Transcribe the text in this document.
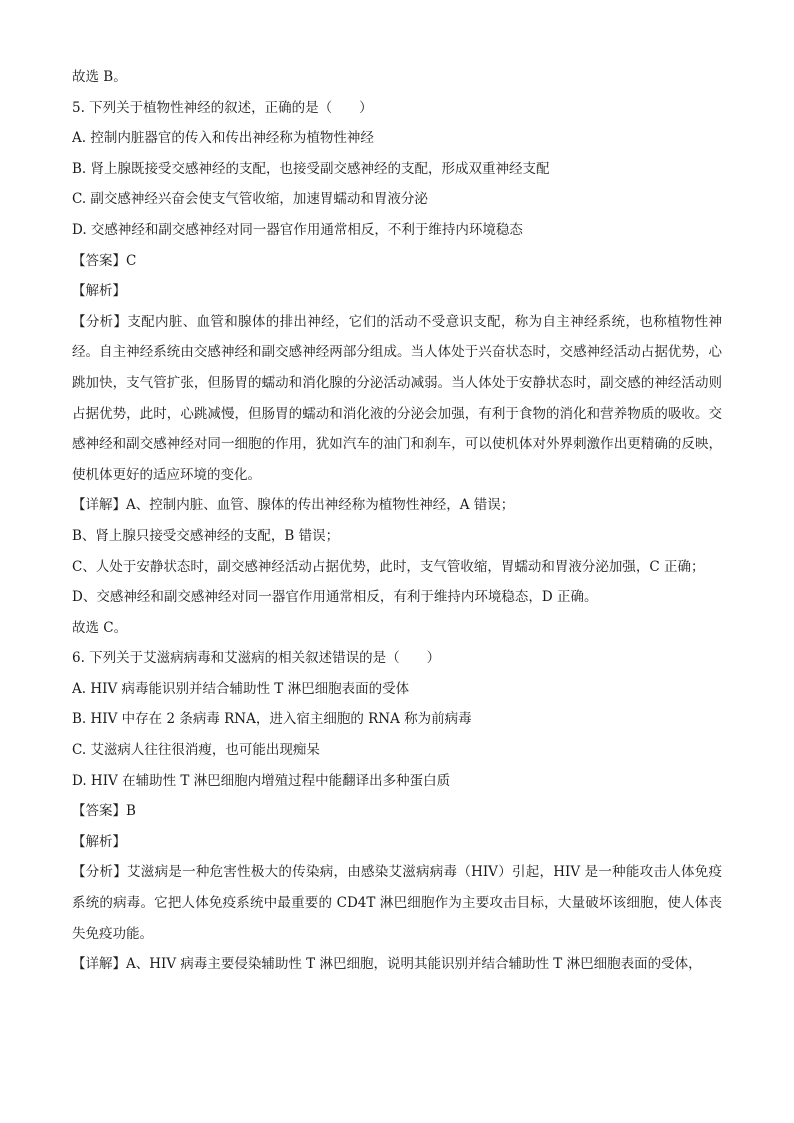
故选 B。
5. 下列关于植物性神经的叙述，正确的是（　　）
A. 控制内脏器官的传入和传出神经称为植物性神经
B. 肾上腺既接受交感神经的支配，也接受副交感神经的支配，形成双重神经支配
C. 副交感神经兴奋会使支气管收缩，加速胃蠕动和胃液分泌
D. 交感神经和副交感神经对同一器官作用通常相反，不利于维持内环境稳态
【答案】C
【解析】
【分析】支配内脏、血管和腺体的排出神经，它们的活动不受意识支配，称为自主神经系统，也称植物性神经。自主神经系统由交感神经和副交感神经两部分组成。当人体处于兴奋状态时，交感神经活动占据优势，心跳加快，支气管扩张，但肠胃的蠕动和消化腺的分泌活动减弱。当人体处于安静状态时，副交感的神经活动则占据优势，此时，心跳减慢，但肠胃的蠕动和消化液的分泌会加强，有利于食物的消化和营养物质的吸收。交感神经和副交感神经对同一细胞的作用，犹如汽车的油门和刹车，可以使机体对外界刺激作出更精确的反映，使机体更好的适应环境的变化。
【详解】A、控制内脏、血管、腺体的传出神经称为植物性神经，A 错误；
B、肾上腺只接受交感神经的支配，B 错误；
C、人处于安静状态时，副交感神经活动占据优势，此时，支气管收缩，胃蠕动和胃液分泌加强，C 正确；
D、交感神经和副交感神经对同一器官作用通常相反，有利于维持内环境稳态，D 正确。
故选 C。
6. 下列关于艾滋病病毒和艾滋病的相关叙述错误的是（　　）
A. HIV 病毒能识别并结合辅助性 T 淋巴细胞表面的受体
B. HIV 中存在 2 条病毒 RNA，进入宿主细胞的 RNA 称为前病毒
C. 艾滋病人往往很消瘦，也可能出现痴呆
D. HIV 在辅助性 T 淋巴细胞内增殖过程中能翻译出多种蛋白质
【答案】B
【解析】
【分析】艾滋病是一种危害性极大的传染病，由感染艾滋病病毒（HIV）引起，HIV 是一种能攻击人体免疫系统的病毒。它把人体免疫系统中最重要的 CD4T 淋巴细胞作为主要攻击目标，大量破坏该细胞，使人体丧失免疫功能。
【详解】A、HIV 病毒主要侵染辅助性 T 淋巴细胞，说明其能识别并结合辅助性 T 淋巴细胞表面的受体，
